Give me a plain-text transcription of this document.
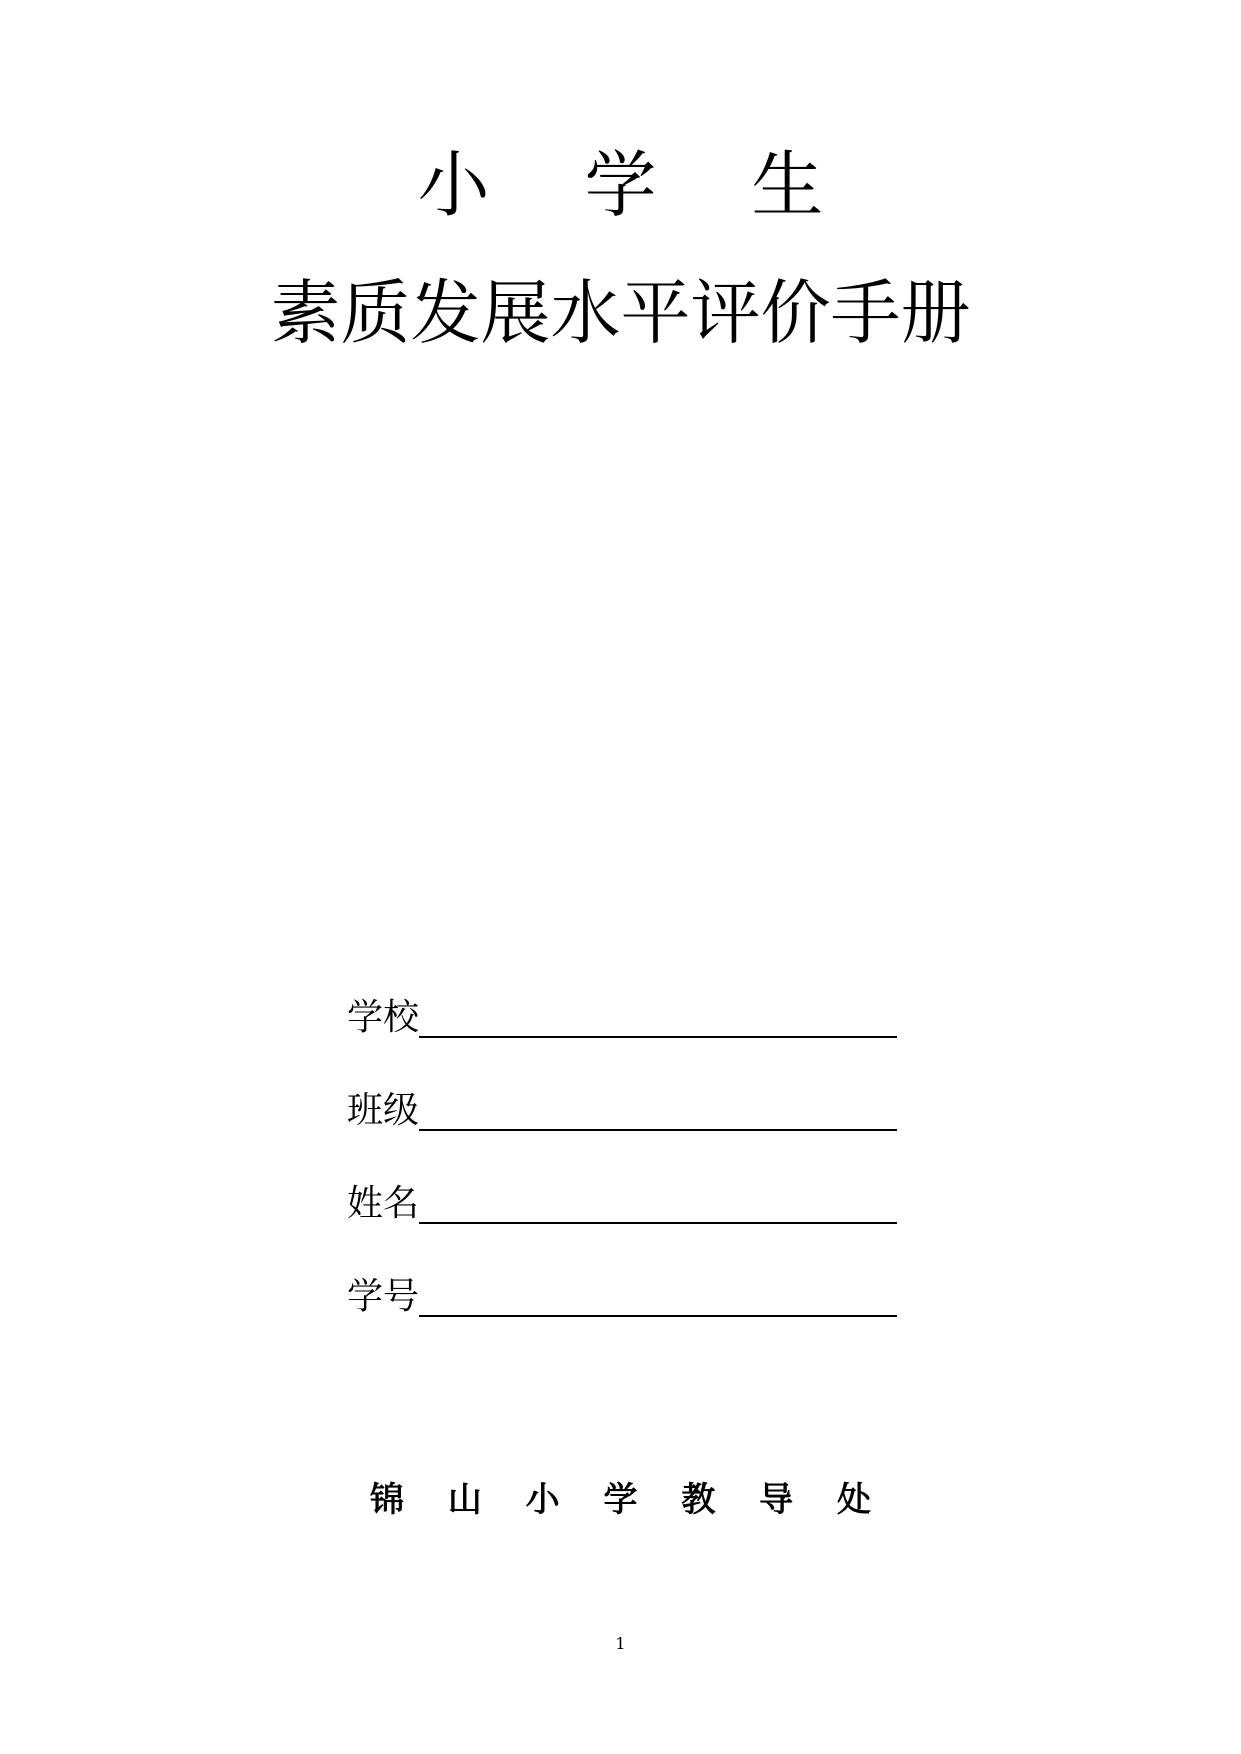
小 学 生
素质发展水平评价手册
学校
班级
姓名
学号
锦 山 小 学 教 导 处
1
